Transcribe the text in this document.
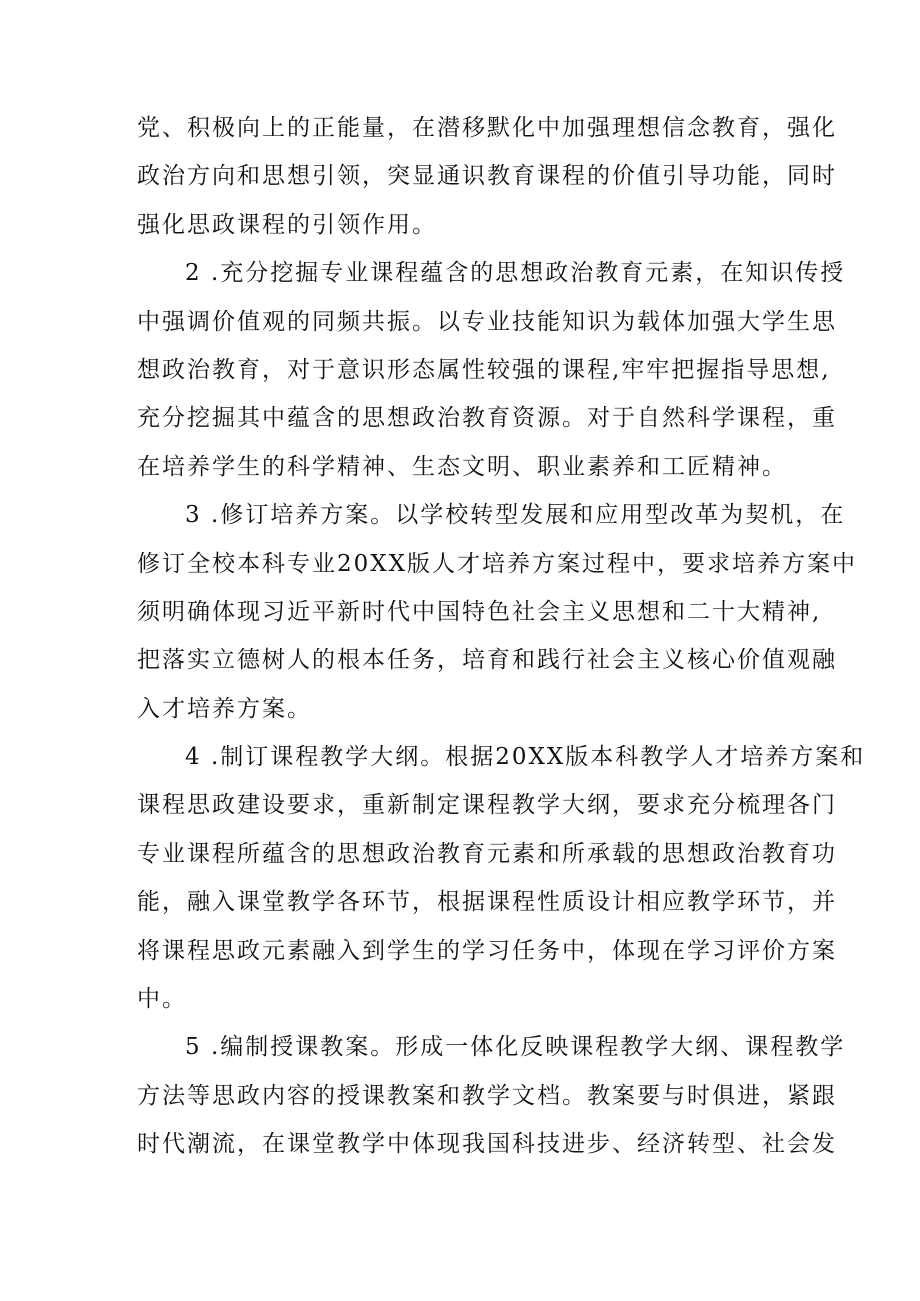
党、积极向上的正能量，在潜移默化中加强理想信念教育，强化
政治方向和思想引领，突显通识教育课程的价值引导功能，同时
强化思政课程的引领作用。
2 .充分挖掘专业课程蕴含的思想政治教育元素，在知识传授
中强调价值观的同频共振。以专业技能知识为载体加强大学生思
想政治教育，对于意识形态属性较强的课程,牢牢把握指导思想,
充分挖掘其中蕴含的思想政治教育资源。对于自然科学课程，重
在培养学生的科学精神、生态文明、职业素养和工匠精神。
3 .修订培养方案。以学校转型发展和应用型改革为契机，在
修订全校本科专业20XX版人才培养方案过程中，要求培养方案中
须明确体现习近平新时代中国特色社会主义思想和二十大精神,
把落实立德树人的根本任务，培育和践行社会主义核心价值观融
入才培养方案。
4 .制订课程教学大纲。根据20XX版本科教学人才培养方案和
课程思政建设要求，重新制定课程教学大纲，要求充分梳理各门
专业课程所蕴含的思想政治教育元素和所承载的思想政治教育功
能，融入课堂教学各环节，根据课程性质设计相应教学环节，并
将课程思政元素融入到学生的学习任务中，体现在学习评价方案
中。
5 .编制授课教案。形成一体化反映课程教学大纲、课程教学
方法等思政内容的授课教案和教学文档。教案要与时俱进，紧跟
时代潮流，在课堂教学中体现我国科技进步、经济转型、社会发
